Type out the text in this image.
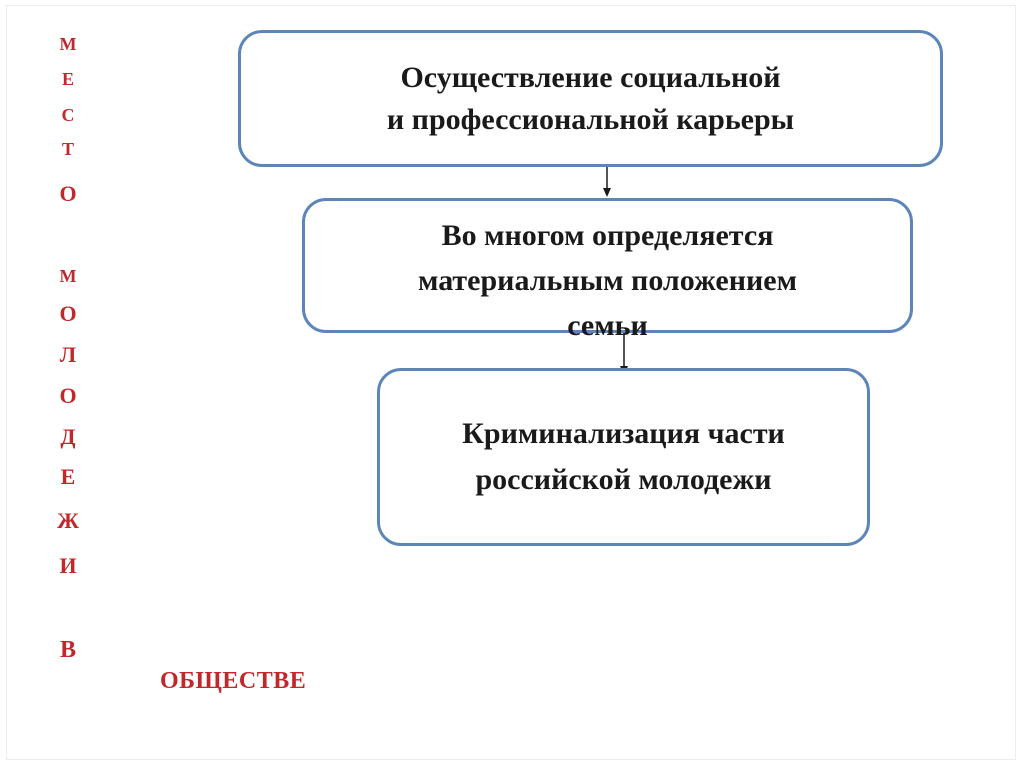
М
Е
С
Т
О
М
О
Л
О
Д
Е
Ж
И
В
ОБЩЕСТВЕ
Осуществление социальной
и профессиональной карьеры
Во многом определяется
материальным положением
семьи
Криминализация части
российской молодежи
